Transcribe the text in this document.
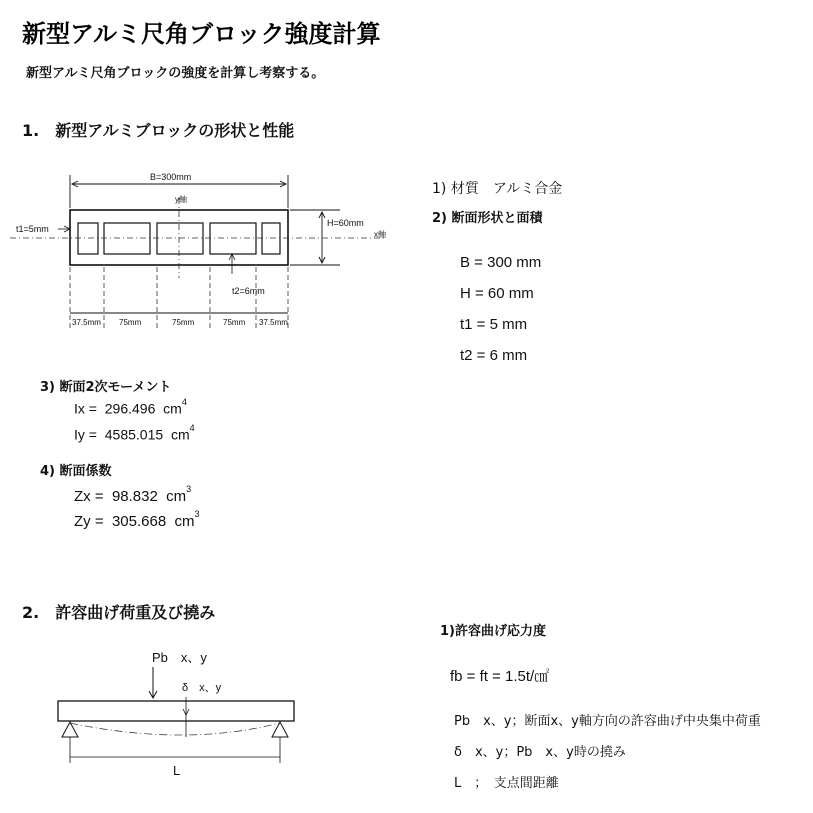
新型アルミ尺角ブロック強度計算
新型アルミ尺角ブロックの強度を計算し考察する。
1.　新型アルミブロックの形状と性能
B=300mm
y軸
x軸
t1=5mm
H=60mm
t2=6mm
37.5mm 75mm	75mm	75mm 37.5mm
1) 材質　アルミ合金
2) 断面形状と面積
B = 300 mm
H = 60 mm
t1 = 5 mm
t2 = 6 mm
3) 断面2次モーメント
Ix = 296.496 $cm^4$
Iy = 4585.015 $cm^4$
4) 断面係数
Zx = 98.832 $cm^3$
Zy = 305.668 $cm^3$
2.　許容曲げ荷重及び撓み
Pb　x、y
δ　x、y
L
1)許容曲げ応力度
fb = ft = 1.5t/㎠
Pb　x、y；断面x、y軸方向の許容曲げ中央集中荷重
δ　x、y；Pb　x、y時の撓み
L　；　支点間距離
